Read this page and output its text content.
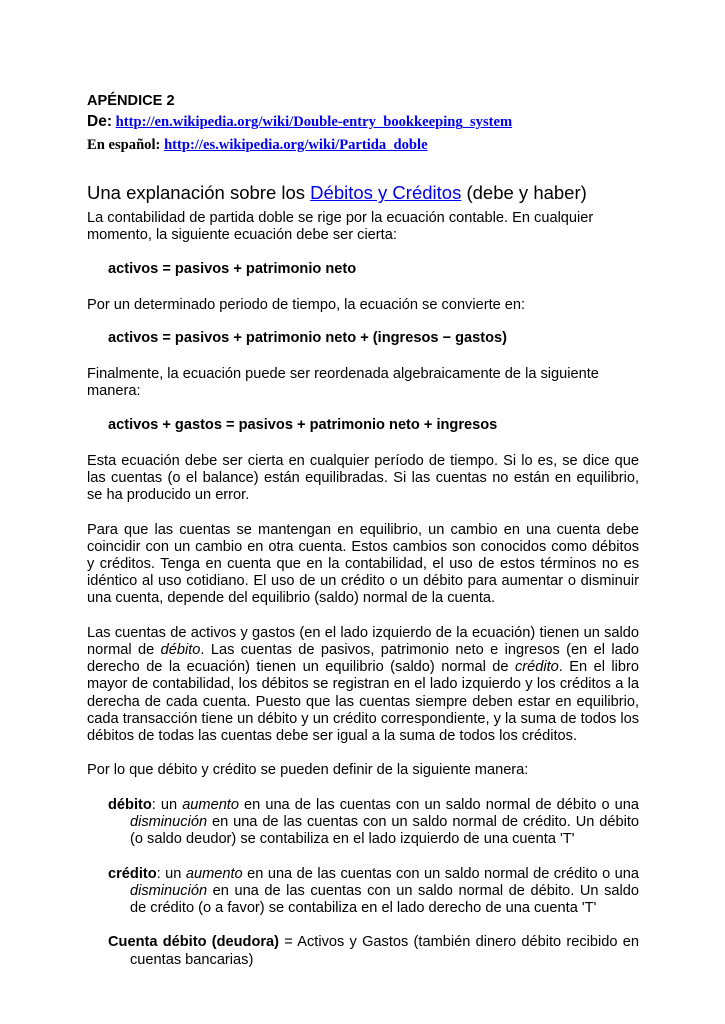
APÉNDICE 2

De: http://en.wikipedia.org/wiki/Double-entry_bookkeeping_system

En español: http://es.wikipedia.org/wiki/Partida_doble

Una explanación sobre los Débitos y Créditos (debe y haber)

La contabilidad de partida doble se rige por la ecuación contable. En cualquier momento, la siguiente ecuación debe ser cierta:

activos = pasivos + patrimonio neto

Por un determinado periodo de tiempo, la ecuación se convierte en:

activos = pasivos + patrimonio neto + (ingresos − gastos)

Finalmente, la ecuación puede ser reordenada algebraicamente de la siguiente manera:

activos + gastos = pasivos + patrimonio neto + ingresos

Esta ecuación debe ser cierta en cualquier período de tiempo. Si lo es, se dice que las cuentas (o el balance) están equilibradas. Si las cuentas no están en equilibrio, se ha producido un error.

Para que las cuentas se mantengan en equilibrio, un cambio en una cuenta debe coincidir con un cambio en otra cuenta. Estos cambios son conocidos como débitos y créditos. Tenga en cuenta que en la contabilidad, el uso de estos términos no es idéntico al uso cotidiano. El uso de un crédito o un débito para aumentar o disminuir una cuenta, depende del equilibrio (saldo) normal de la cuenta.

Las cuentas de activos y gastos (en el lado izquierdo de la ecuación) tienen un saldo normal de débito. Las cuentas de pasivos, patrimonio neto e ingresos (en el lado derecho de la ecuación) tienen un equilibrio (saldo) normal de crédito. En el libro mayor de contabilidad, los débitos se registran en el lado izquierdo y los créditos a la derecha de cada cuenta. Puesto que las cuentas siempre deben estar en equilibrio, cada transacción tiene un débito y un crédito correspondiente, y la suma de todos los débitos de todas las cuentas debe ser igual a la suma de todos los créditos.

Por lo que débito y crédito se pueden definir de la siguiente manera:

débito: un aumento en una de las cuentas con un saldo normal de débito o una disminución en una de las cuentas con un saldo normal de crédito. Un débito (o saldo deudor) se contabiliza en el lado izquierdo de una cuenta 'T'

crédito: un aumento en una de las cuentas con un saldo normal de crédito o una disminución en una de las cuentas con un saldo normal de débito. Un saldo de crédito (o a favor) se contabiliza en el lado derecho de una cuenta 'T'

Cuenta débito (deudora) = Activos y Gastos (también dinero débito recibido en cuentas bancarias)
